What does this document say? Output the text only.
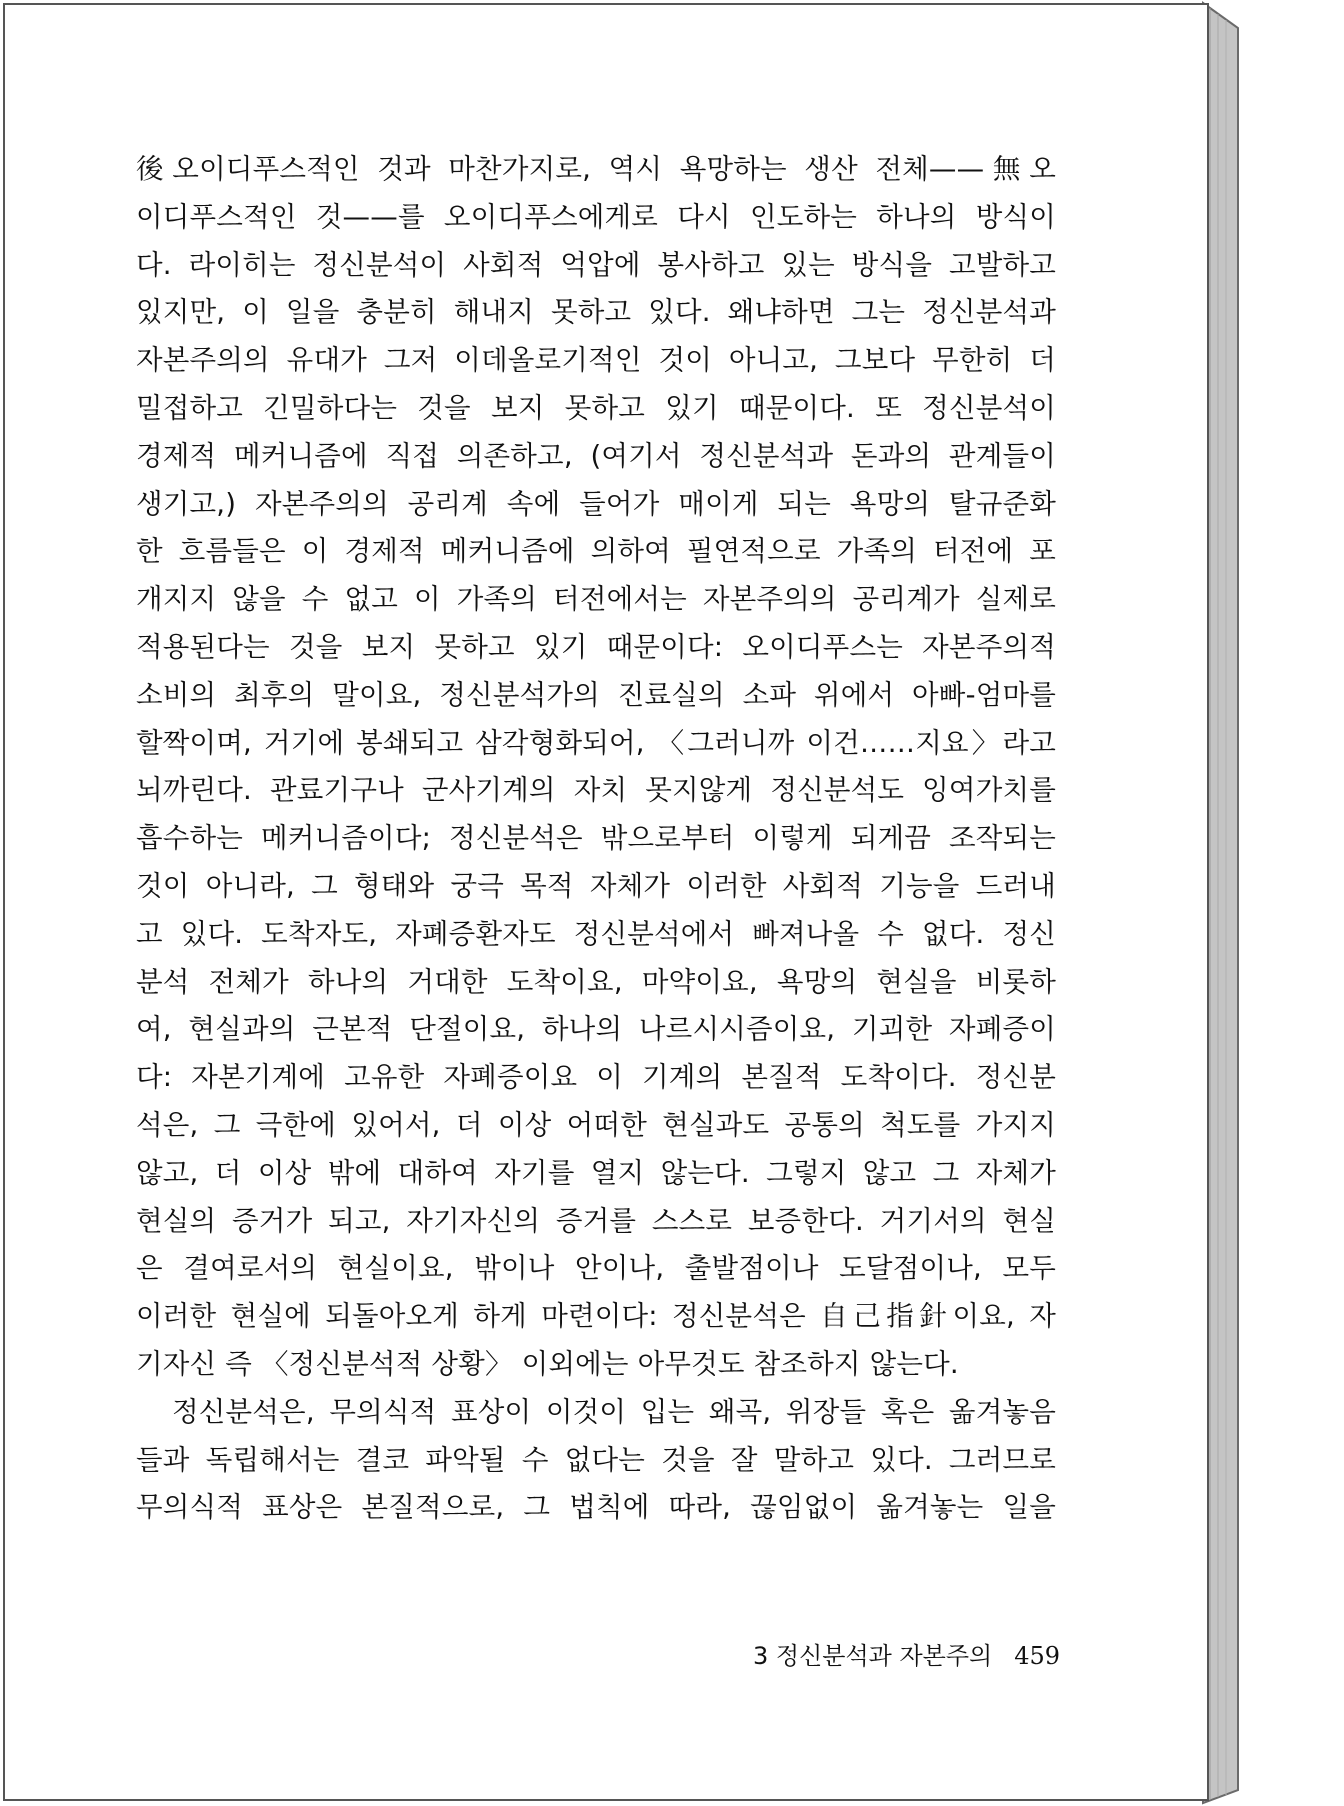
後오이디푸스적인 것과 마찬가지로, 역시 욕망하는 생산 전체——無오
이디푸스적인 것——를 오이디푸스에게로 다시 인도하는 하나의 방식이
다. 라이히는 정신분석이 사회적 억압에 봉사하고 있는 방식을 고발하고
있지만, 이 일을 충분히 해내지 못하고 있다. 왜냐하면 그는 정신분석과
자본주의의 유대가 그저 이데올로기적인 것이 아니고, 그보다 무한히 더
밀접하고 긴밀하다는 것을 보지 못하고 있기 때문이다. 또 정신분석이
경제적 메커니즘에 직접 의존하고, (여기서 정신분석과 돈과의 관계들이
생기고,) 자본주의의 공리계 속에 들어가 매이게 되는 욕망의 탈규준화
한 흐름들은 이 경제적 메커니즘에 의하여 필연적으로 가족의 터전에 포
개지지 않을 수 없고 이 가족의 터전에서는 자본주의의 공리계가 실제로
적용된다는 것을 보지 못하고 있기 때문이다: 오이디푸스는 자본주의적
소비의 최후의 말이요, 정신분석가의 진료실의 소파 위에서 아빠-엄마를
할짝이며, 거기에 봉쇄되고 삼각형화되어, 〈그러니까 이건……지요〉라고
뇌까린다. 관료기구나 군사기계의 자치 못지않게 정신분석도 잉여가치를
흡수하는 메커니즘이다; 정신분석은 밖으로부터 이렇게 되게끔 조작되는
것이 아니라, 그 형태와 궁극 목적 자체가 이러한 사회적 기능을 드러내
고 있다. 도착자도, 자폐증환자도 정신분석에서 빠져나올 수 없다. 정신
분석 전체가 하나의 거대한 도착이요, 마약이요, 욕망의 현실을 비롯하
여, 현실과의 근본적 단절이요, 하나의 나르시시즘이요, 기괴한 자폐증이
다: 자본기계에 고유한 자폐증이요 이 기계의 본질적 도착이다. 정신분
석은, 그 극한에 있어서, 더 이상 어떠한 현실과도 공통의 척도를 가지지
않고, 더 이상 밖에 대하여 자기를 열지 않는다. 그렇지 않고 그 자체가
현실의 증거가 되고, 자기자신의 증거를 스스로 보증한다. 거기서의 현실
은 결여로서의 현실이요, 밖이나 안이나, 출발점이나 도달점이나, 모두
이러한 현실에 되돌아오게 하게 마련이다: 정신분석은 自己指針이요, 자
기자신 즉 〈정신분석적 상황〉 이외에는 아무것도 참조하지 않는다.
정신분석은, 무의식적 표상이 이것이 입는 왜곡, 위장들 혹은 옮겨놓음
들과 독립해서는 결코 파악될 수 없다는 것을 잘 말하고 있다. 그러므로
무의식적 표상은 본질적으로, 그 법칙에 따라, 끊임없이 옮겨놓는 일을
3 정신분석과 자본주의 459
